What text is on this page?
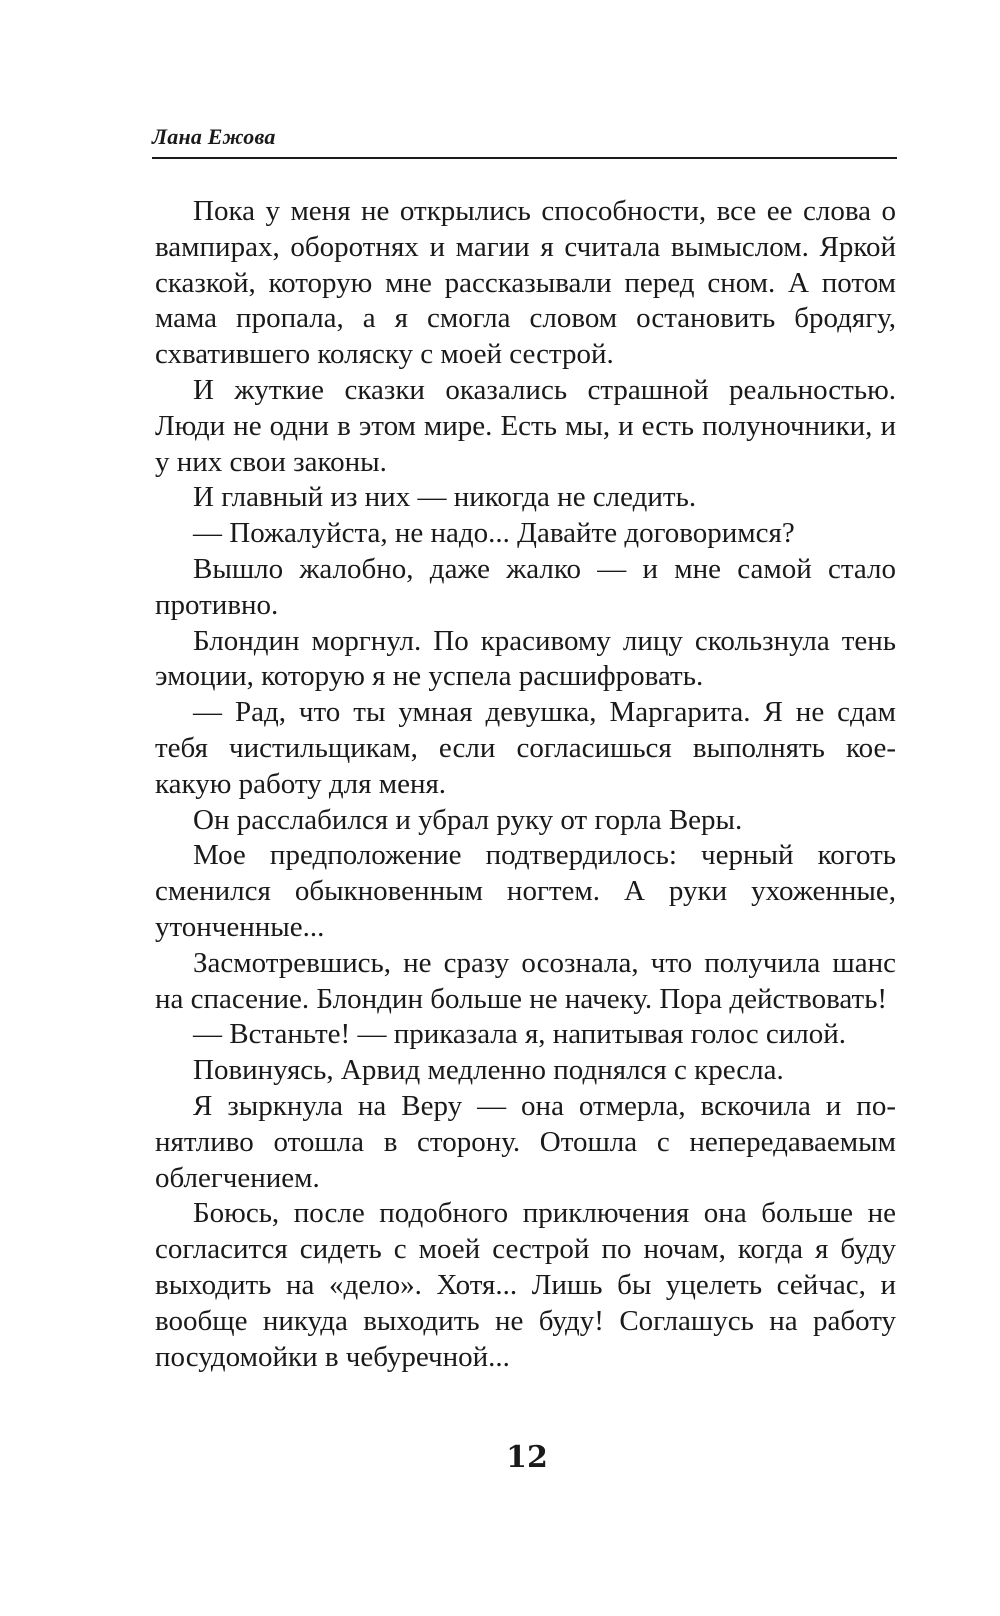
Лана Ежова

Пока у меня не открылись способности, все ее слова о вампирах, оборотнях и магии я считала вымыслом. Яркой сказкой, которую мне рассказывали перед сном. А потом мама пропала, а я смогла словом остановить бродягу, схватившего коляску с моей сестрой.

И жуткие сказки оказались страшной реальностью. Люди не одни в этом мире. Есть мы, и есть полуночники, и у них свои законы.

И главный из них — никогда не следить.

— Пожалуйста, не надо... Давайте договоримся?

Вышло жалобно, даже жалко — и мне самой стало противно.

Блондин моргнул. По красивому лицу скользнула тень эмоции, которую я не успела расшифровать.

— Рад, что ты умная девушка, Маргарита. Я не сдам тебя чистильщикам, если согласишься выполнять кое-какую работу для меня.

Он расслабился и убрал руку от горла Веры.

Мое предположение подтвердилось: черный коготь сменился обыкновенным ногтем. А руки ухоженные, утонченные...

Засмотревшись, не сразу осознала, что получила шанс на спасение. Блондин больше не начеку. Пора действовать!

— Встаньте! — приказала я, напитывая голос силой.

Повинуясь, Арвид медленно поднялся с кресла.

Я зыркнула на Веру — она отмерла, вскочила и понятливо отошла в сторону. Отошла с непередаваемым облегчением.

Боюсь, после подобного приключения она больше не согласится сидеть с моей сестрой по ночам, когда я буду выходить на «дело». Хотя... Лишь бы уцелеть сейчас, и вообще никуда выходить не буду! Соглашусь на работу посудомойки в чебуречной...

12
